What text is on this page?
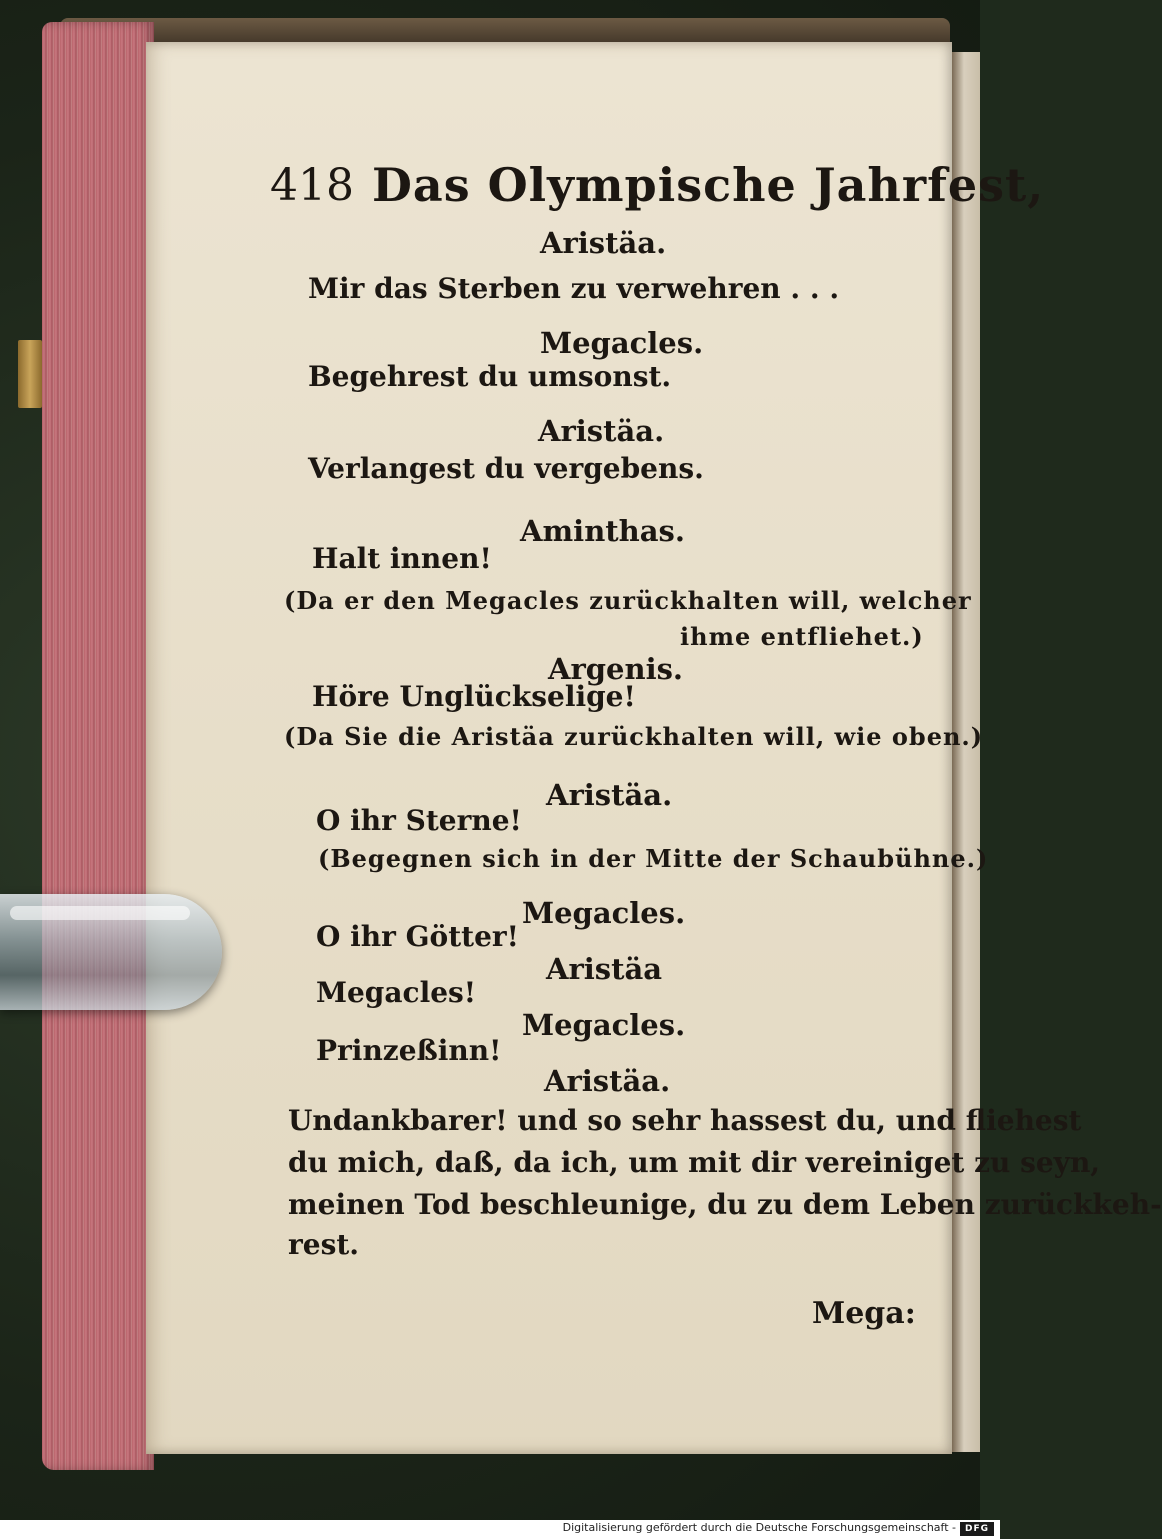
418 Das Olympische Jahrfest,
Aristäa.
Mir das Sterben zu verwehren . . .
Megacles.
Begehrest du umsonst.
Aristäa.
Verlangest du vergebens.
Aminthas.
Halt innen!
(Da er den Megacles zurückhalten will, welcher
ihme entfliehet.)
Argenis.
Höre Unglückselige!
(Da Sie die Aristäa zurückhalten will, wie oben.)
Aristäa.
O ihr Sterne!
(Begegnen sich in der Mitte der Schaubühne.)
Megacles.
O ihr Götter!
Aristäa
Megacles!
Megacles.
Prinzeßinn!
Aristäa.
Undankbarer! und so sehr hassest du, und fliehest
du mich, daß, da ich, um mit dir vereiniget zu seyn,
meinen Tod beschleunige, du zu dem Leben zurückkeh-
rest.
Mega:
Digitalisierung gefördert durch die Deutsche Forschungsgemeinschaft - DFG
